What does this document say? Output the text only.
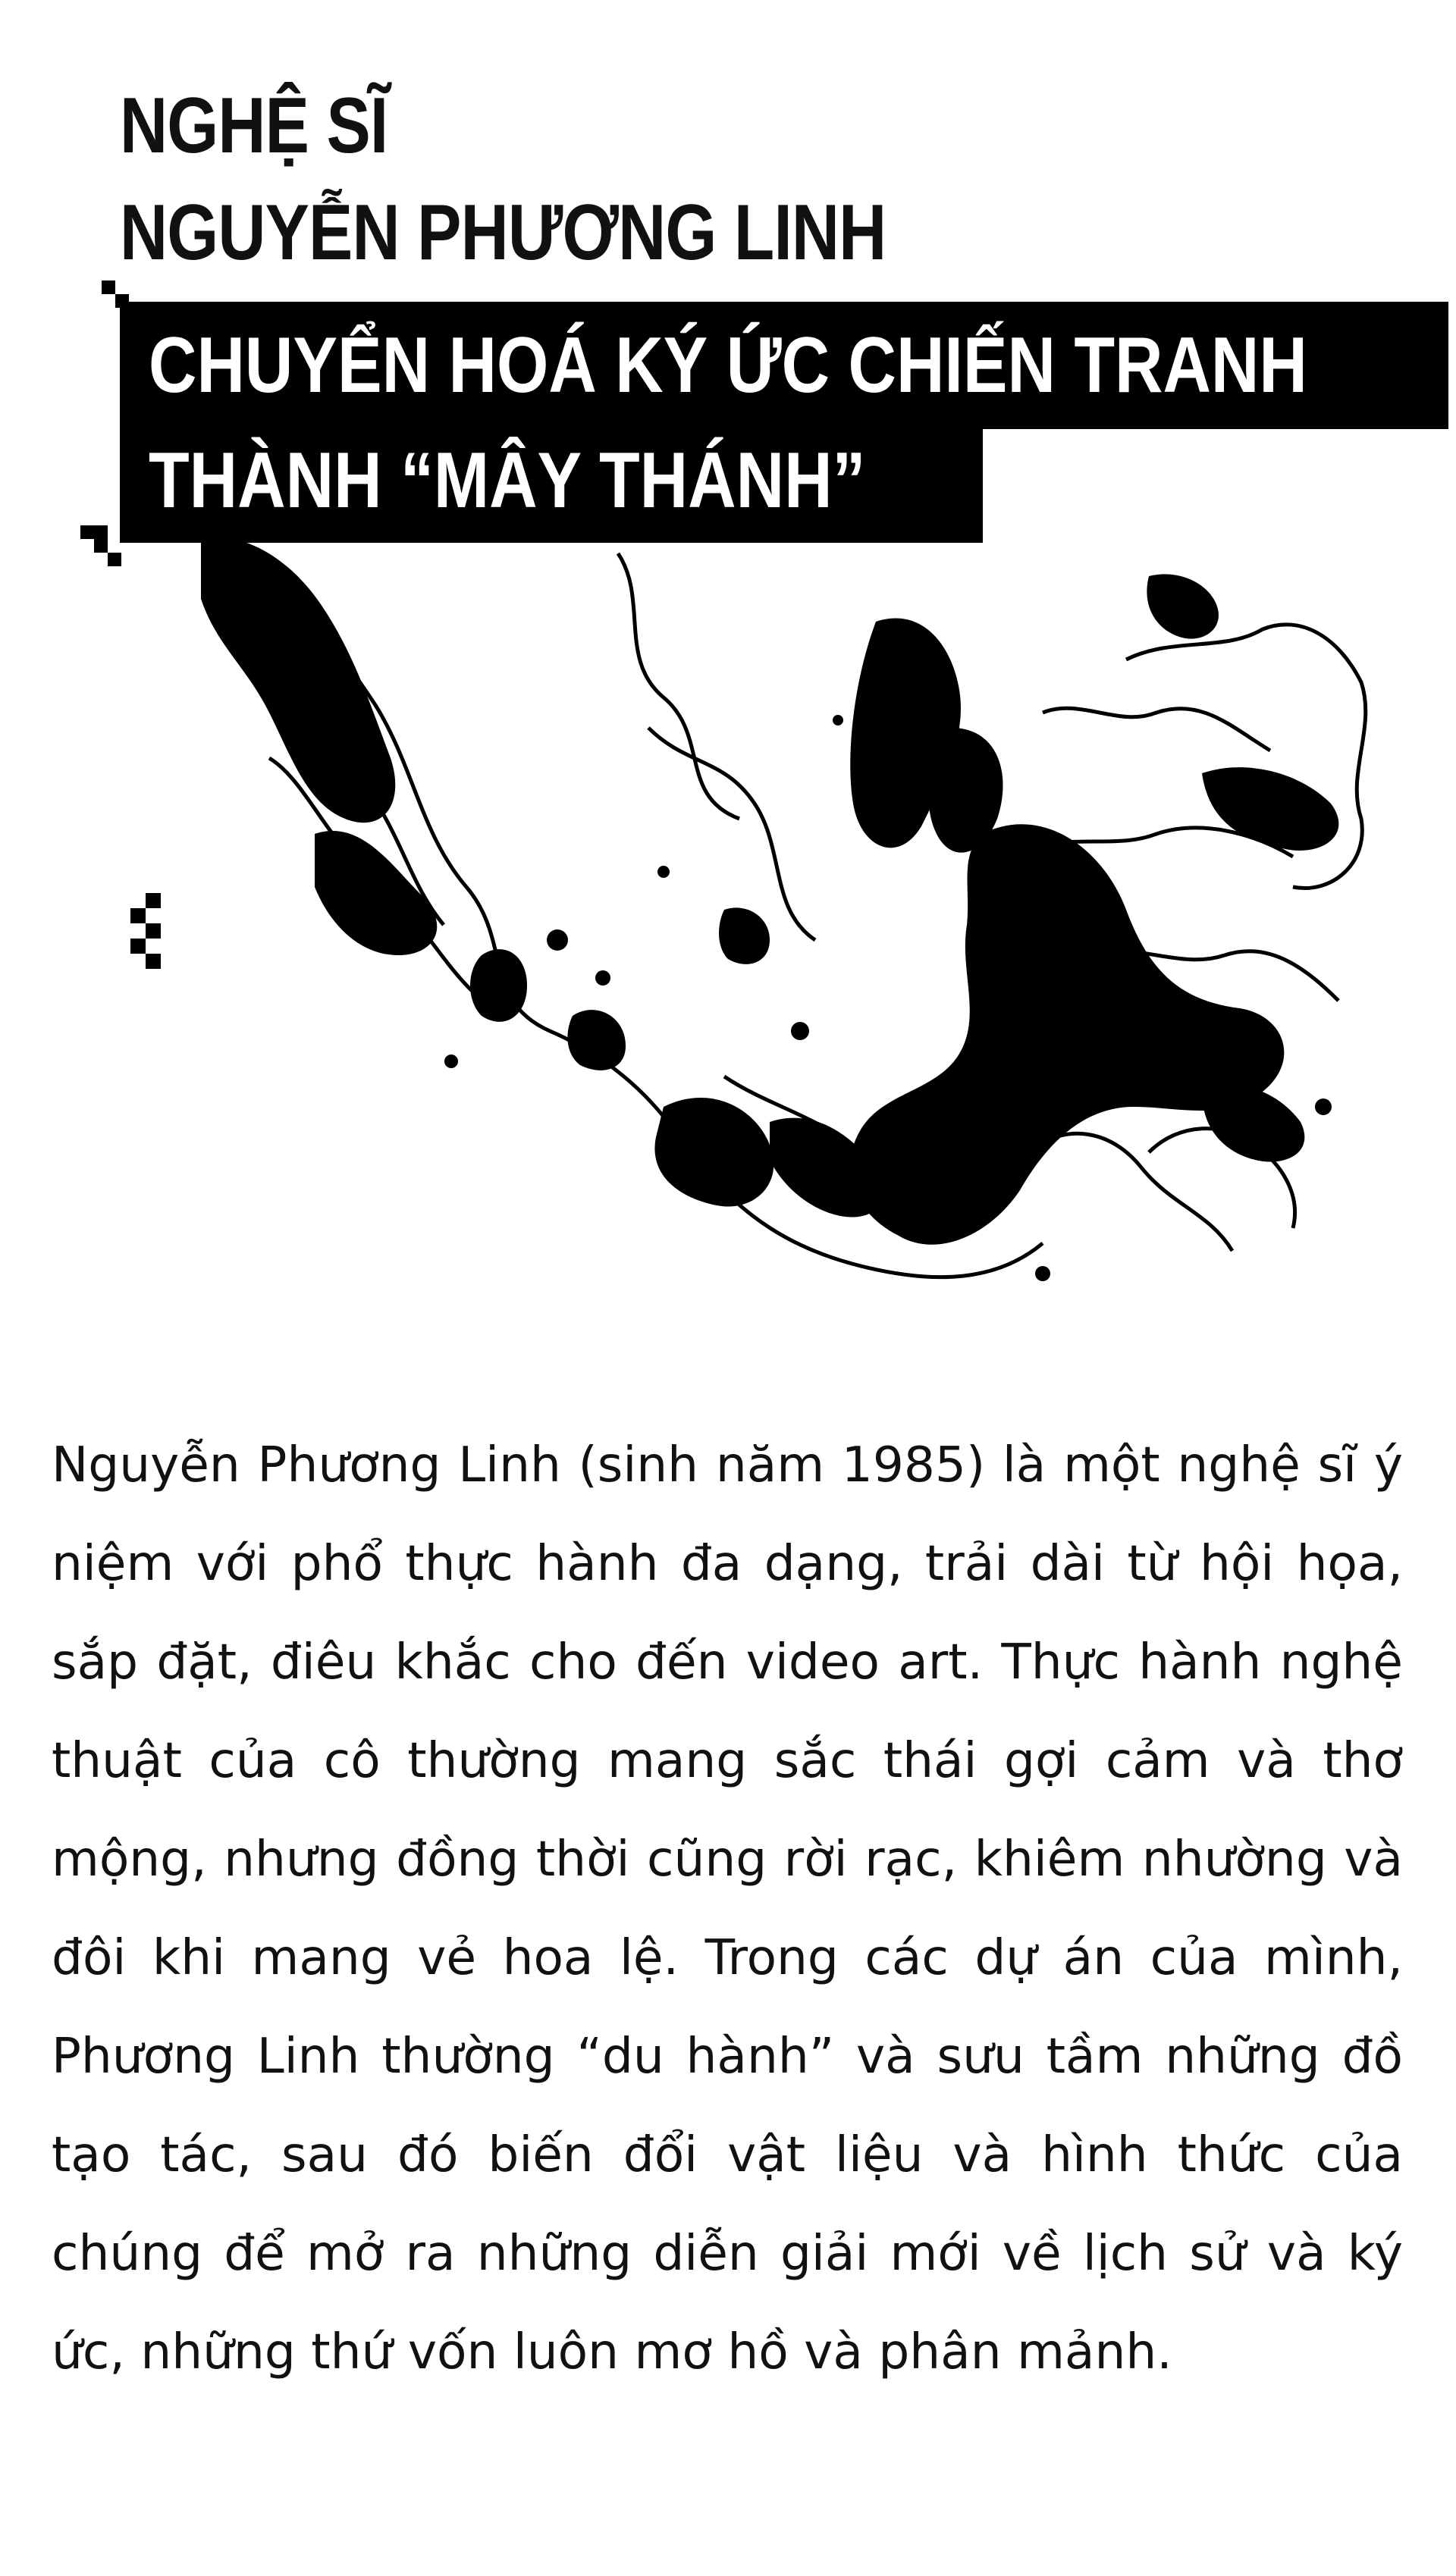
NGHỆ SĨ
NGUYỄN PHƯƠNG LINH
CHUYỂN HOÁ KÝ ỨC CHIẾN TRANH
THÀNH “MÂY THÁNH”

Nguyễn Phương Linh (sinh năm 1985) là một nghệ sĩ ý niệm với phổ thực hành đa dạng, trải dài từ hội họa, sắp đặt, điêu khắc cho đến video art. Thực hành nghệ thuật của cô thường mang sắc thái gợi cảm và thơ mộng, nhưng đồng thời cũng rời rạc, khiêm nhường và đôi khi mang vẻ hoa lệ. Trong các dự án của mình, Phương Linh thường “du hành” và sưu tầm những đồ tạo tác, sau đó biến đổi vật liệu và hình thức của chúng để mở ra những diễn giải mới về lịch sử và ký ức, những thứ vốn luôn mơ hồ và phân mảnh.
